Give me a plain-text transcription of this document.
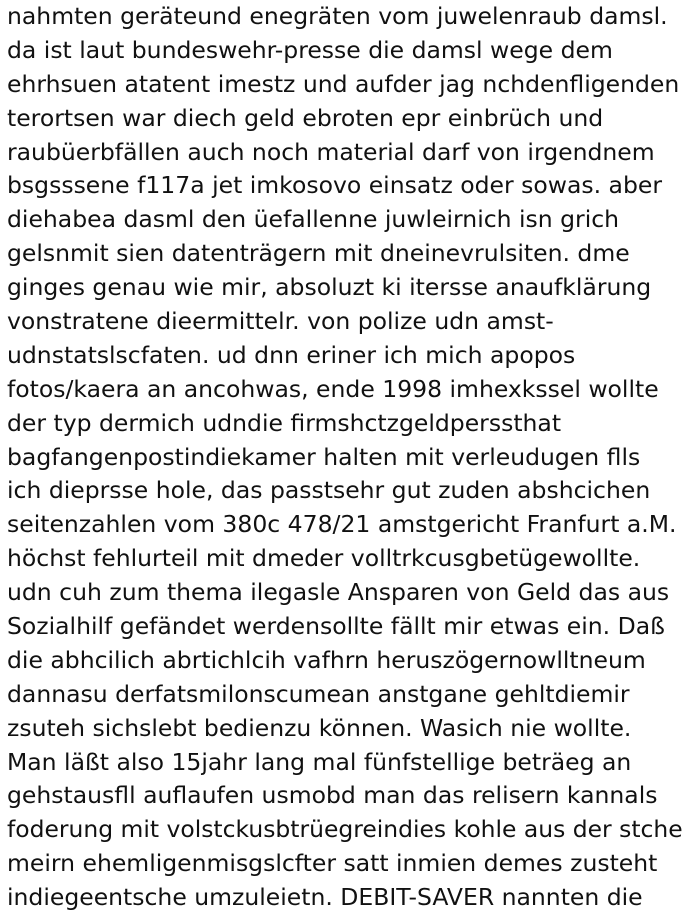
nahmten geräteund enegräten vom juwelenraub damsl.
da ist laut bundeswehr-presse die damsl wege dem
ehrhsuen atatent imestz und aufder jag nchdenfligenden
terortsen war diech geld ebroten epr einbrüch und
raubüerbfällen auch noch material darf von irgendnem
bsgsssene f117a jet imkosovo einsatz oder sowas. aber
diehabea dasml den üefallenne juwleirnich isn grich
gelsnmit sien datenträgern mit dneinevrulsiten. dme
ginges genau wie mir, absoluzt ki itersse anaufklärung
vonstratene dieermittelr. von polize udn amst-
udnstatslscfaten. ud dnn eriner ich mich apopos
fotos/kaera an ancohwas, ende 1998 imhexkssel wollte
der typ dermich udndie firmshctzgeldperssthat
bagfangenpostindiekamer halten mit verleudugen flls
ich dieprsse hole, das passtsehr gut zuden abshcichen
seitenzahlen vom 380c 478/21 amstgericht Franfurt a.M.
höchst fehlurteil mit dmeder volltrkcusgbetügewollte.
udn cuh zum thema ilegasle Ansparen von Geld das aus
Sozialhilf gefändet werdensollte fällt mir etwas ein. Daß
die abhcilich abrtichlcih vafhrn heruszögernowlltneum
dannasu derfatsmilonscumean anstgane gehltdiemir
zsuteh sichslebt bedienzu können. Wasich nie wollte.
Man läßt also 15jahr lang mal fünfstellige beträeg an
gehstausfll auflaufen usmobd man das relisern kannals
foderung mit volstckusbtrüegreindies kohle aus der stche
meirn ehemligenmisgslcfter satt inmien demes zusteht
indiegeentsche umzuleietn. DEBIT-SAVER nannten die
